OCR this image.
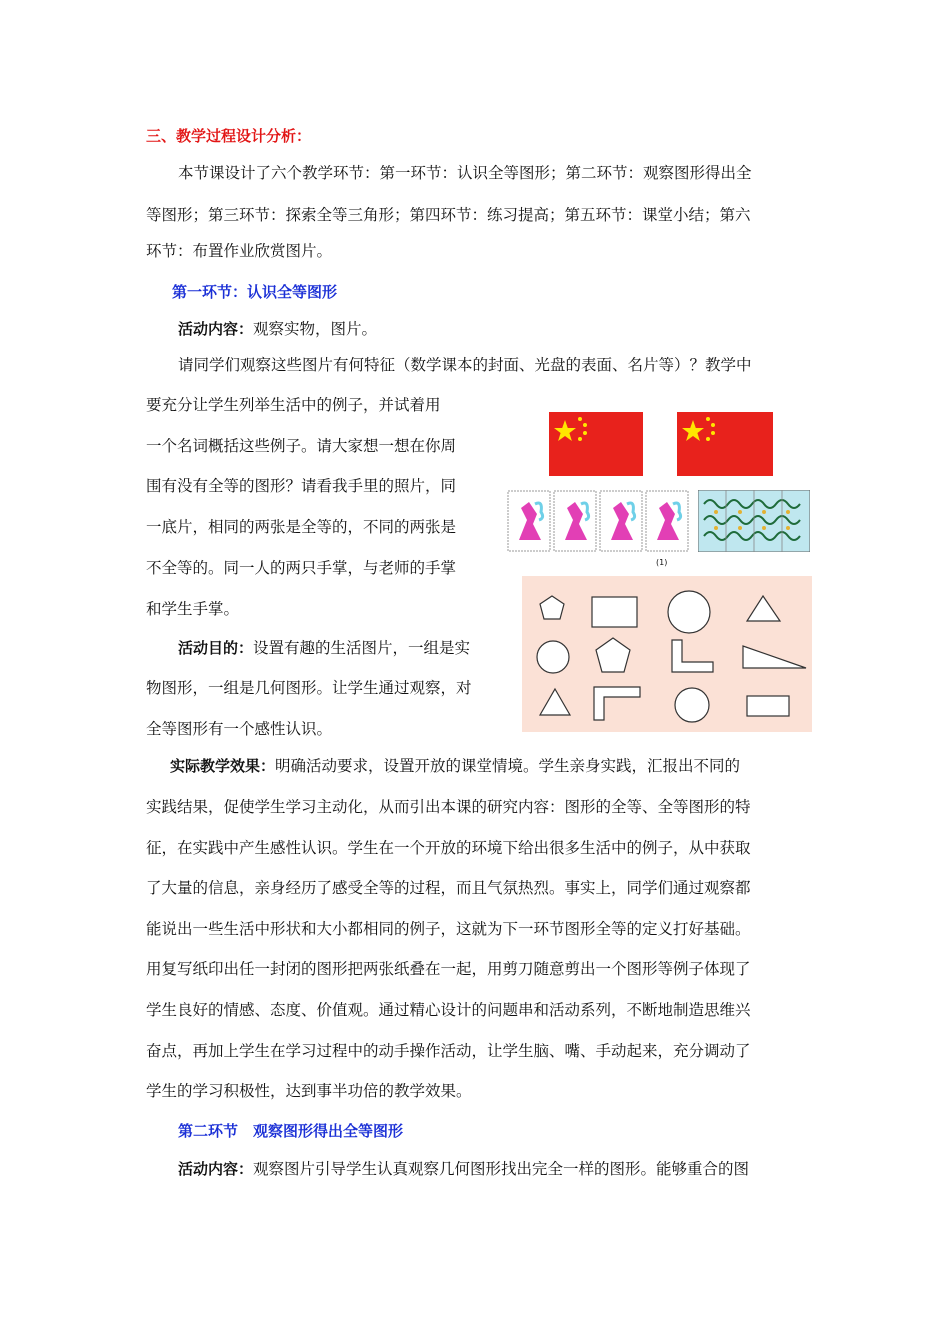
三、教学过程设计分析：
本节课设计了六个教学环节：第一环节：认识全等图形；第二环节：观察图形得出全
等图形；第三环节：探索全等三角形；第四环节：练习提高；第五环节：课堂小结；第六
环节：布置作业欣赏图片。
第一环节：认识全等图形
活动内容：观察实物，图片。
请同学们观察这些图片有何特征（数学课本的封面、光盘的表面、名片等）？教学中
要充分让学生列举生活中的例子，并试着用
一个名词概括这些例子。请大家想一想在你周
围有没有全等的图形？请看我手里的照片，同
一底片，相同的两张是全等的，不同的两张是
不全等的。同一人的两只手掌，与老师的手掌
和学生手掌。
活动目的：设置有趣的生活图片，一组是实
物图形，一组是几何图形。让学生通过观察，对
全等图形有一个感性认识。
(1)
实际教学效果：明确活动要求，设置开放的课堂情境。学生亲身实践，汇报出不同的
实践结果，促使学生学习主动化，从而引出本课的研究内容：图形的全等、全等图形的特
征，在实践中产生感性认识。学生在一个开放的环境下给出很多生活中的例子，从中获取
了大量的信息，亲身经历了感受全等的过程，而且气氛热烈。事实上，同学们通过观察都
能说出一些生活中形状和大小都相同的例子，这就为下一环节图形全等的定义打好基础。
用复写纸印出任一封闭的图形把两张纸叠在一起，用剪刀随意剪出一个图形等例子体现了
学生良好的情感、态度、价值观。通过精心设计的问题串和活动系列，不断地制造思维兴
奋点，再加上学生在学习过程中的动手操作活动，让学生脑、嘴、手动起来，充分调动了
学生的学习积极性，达到事半功倍的教学效果。
第二环节　观察图形得出全等图形
活动内容：观察图片引导学生认真观察几何图形找出完全一样的图形。能够重合的图
